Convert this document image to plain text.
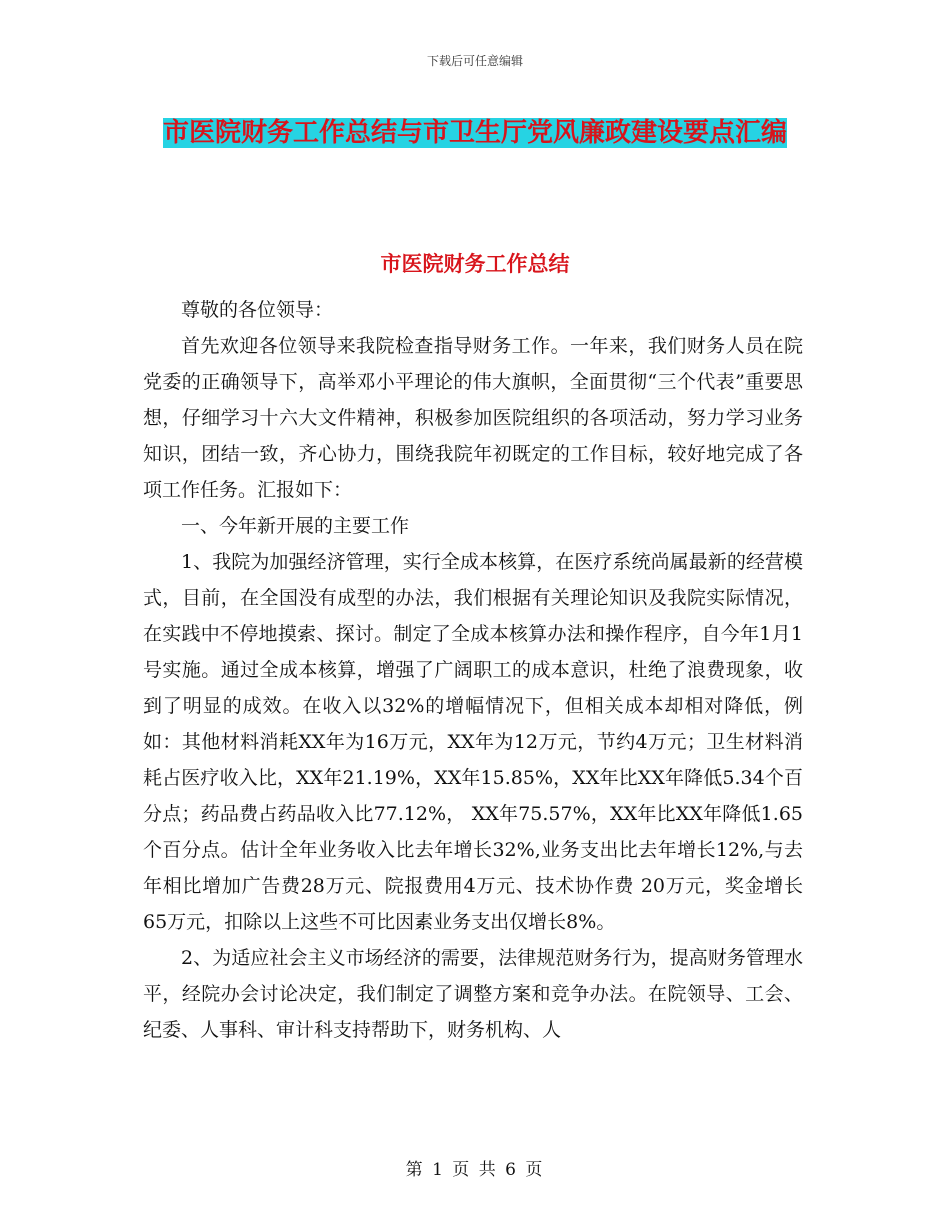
下载后可任意编辑
市医院财务工作总结与市卫生厅党风廉政建设要点汇编
市医院财务工作总结

尊敬的各位领导：

首先欢迎各位领导来我院检查指导财务工作。一年来，我们财务人员在院党委的正确领导下，高举邓小平理论的伟大旗帜，全面贯彻“三个代表”重要思想，仔细学习十六大文件精神，积极参加医院组织的各项活动，努力学习业务知识，团结一致，齐心协力，围绕我院年初既定的工作目标，较好地完成了各项工作任务。汇报如下：

一、今年新开展的主要工作

1、我院为加强经济管理，实行全成本核算，在医疗系统尚属最新的经营模式，目前，在全国没有成型的办法，我们根据有关理论知识及我院实际情况，在实践中不停地摸索、探讨。制定了全成本核算办法和操作程序，自今年1月1号实施。通过全成本核算，增强了广阔职工的成本意识，杜绝了浪费现象，收到了明显的成效。在收入以32%的增幅情况下，但相关成本却相对降低，例如：其他材料消耗XX年为16万元，XX年为12万元，节约4万元；卫生材料消耗占医疗收入比，XX年21.19%，XX年15.85%，XX年比XX年降低5.34个百分点；药品费占药品收入比77.12%， XX年75.57%，XX年比XX年降低1.65个百分点。估计全年业务收入比去年增长32%,业务支出比去年增长12%,与去年相比增加广告费28万元、院报费用4万元、技术协作费 20万元，奖金增长65万元，扣除以上这些不可比因素业务支出仅增长8%。

2、为适应社会主义市场经济的需要，法律规范财务行为，提高财务管理水平，经院办会讨论决定，我们制定了调整方案和竞争办法。在院领导、工会、纪委、人事科、审计科支持帮助下，财务机构、人

第 1 页 共 6 页
